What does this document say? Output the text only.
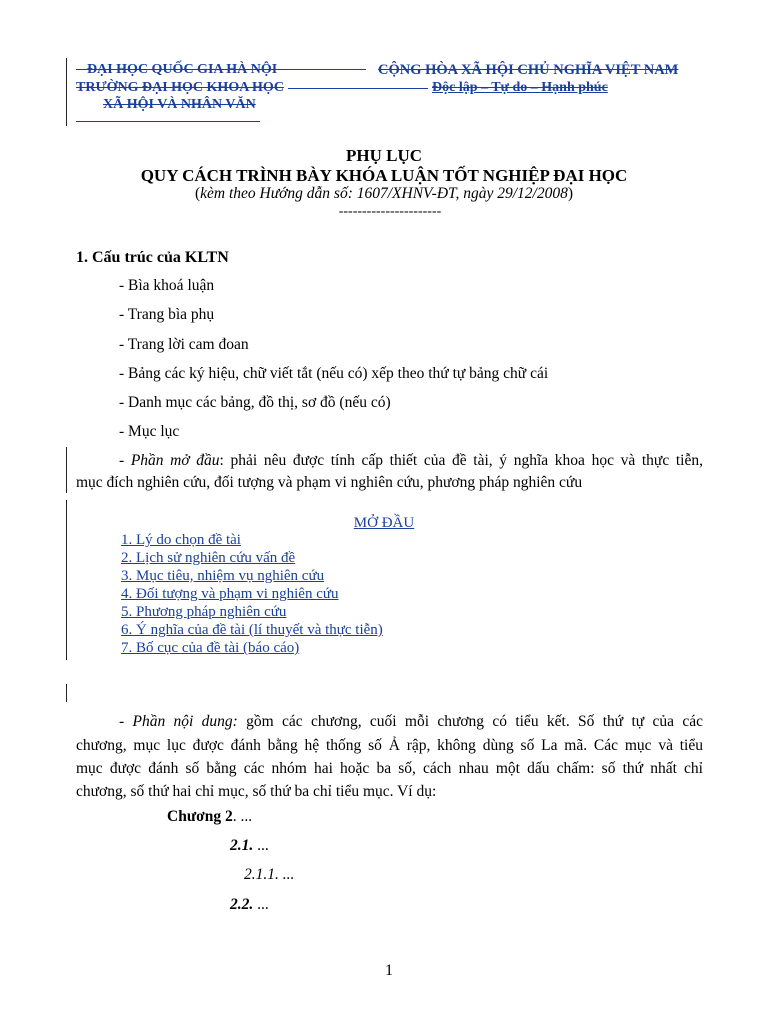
ĐẠI HỌC QUỐC GIA HÀ NỘI
TRƯỜNG ĐẠI HỌC KHOA HỌC
XÃ HỘI VÀ NHÂN VĂN
CỘNG HÒA XÃ HỘI CHỦ NGHĨA VIỆT NAM
Độc lập – Tự do – Hạnh phúc
PHỤ LỤC
QUY CÁCH TRÌNH BÀY KHÓA LUẬN TỐT NGHIỆP ĐẠI HỌC
(kèm theo Hướng dẫn số: 1607/XHNV-ĐT, ngày 29/12/2008)
----------------------
1. Cấu trúc của KLTN
- Bìa khoá luận
- Trang bìa phụ
- Trang lời cam đoan
- Bảng các ký hiệu, chữ viết tắt (nếu có) xếp theo thứ tự bảng chữ cái
- Danh mục các bảng, đồ thị, sơ đồ (nếu có)
- Mục lục
- Phần mở đầu: phải nêu được tính cấp thiết của đề tài, ý nghĩa khoa học và thực tiễn,
mục đích nghiên cứu, đối tượng và phạm vi nghiên cứu, phương pháp nghiên cứu
MỞ ĐẦU
1. Lý do chọn đề tài
2. Lịch sử nghiên cứu vấn đề
3. Mục tiêu, nhiệm vụ nghiên cứu
4. Đối tượng và phạm vi nghiên cứu
5. Phương pháp nghiên cứu
6. Ý nghĩa của đề tài (lí thuyết và thực tiễn)
7. Bố cục của đề tài (báo cáo)
- Phần nội dung: gồm các chương, cuối mỗi chương có tiểu kết. Số thứ tự của các
chương, mục lục được đánh bằng hệ thống số Ả rập, không dùng số La mã. Các mục và tiểu
mục được đánh số bằng các nhóm hai hoặc ba số, cách nhau một dấu chấm: số thứ nhất chỉ
chương, số thứ hai chỉ mục, số thứ ba chỉ tiểu mục. Ví dụ:
Chương 2. ...
2.1. ...
2.1.1. ...
2.2. ...
1
